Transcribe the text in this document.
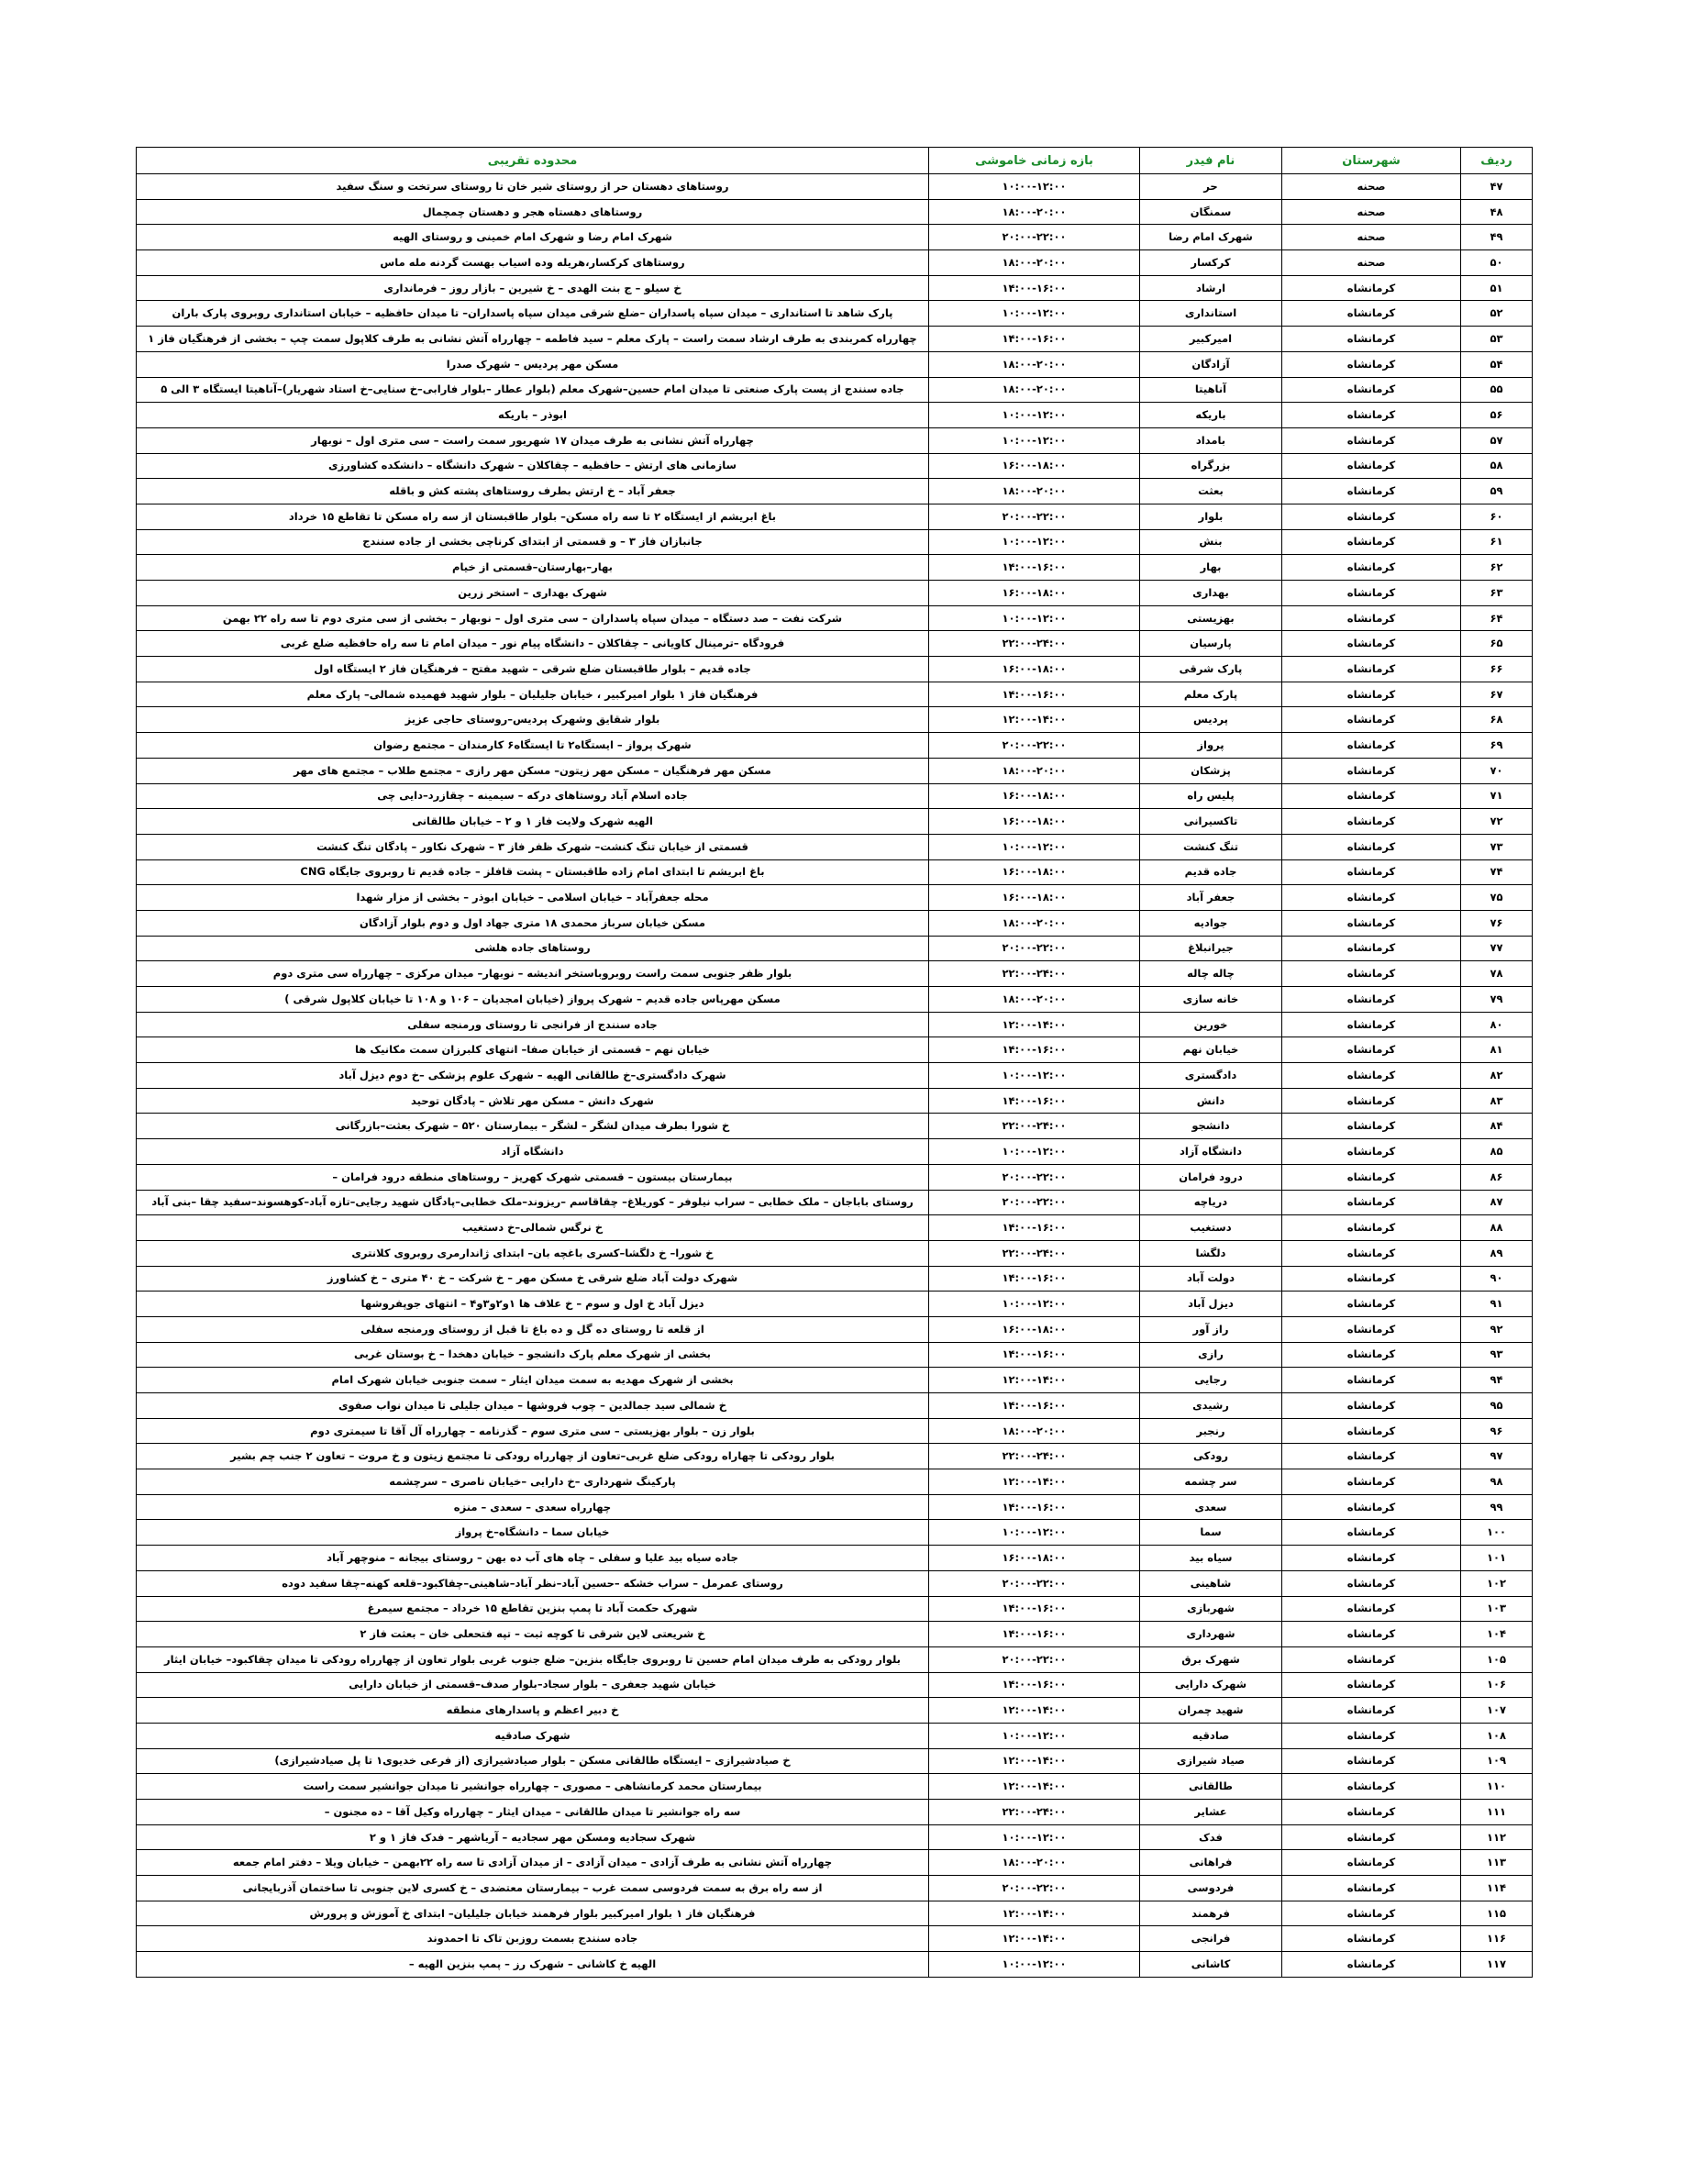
ردیف	شهرستان	نام فیدر	بازه زمانی خاموشی	محدوده تقریبی
۴۷	صحنه	حر	۱۰:۰۰-۱۲:۰۰	روستاهای دهستان حر از روستای شیر خان تا روستای سرتخت و سنگ سفید
۴۸	صحنه	سمنگان	۱۸:۰۰-۲۰:۰۰	روستاهای دهستاه هجر و دهستان چمچمال
۴۹	صحنه	شهرک امام رضا	۲۰:۰۰-۲۲:۰۰	شهرک امام رضا و شهرک امام خمینی و روستای الهیه
۵۰	صحنه	کرکسار	۱۸:۰۰-۲۰:۰۰	روستاهای کرکسار،هریله وده اسیاب بهست گردنه مله ماس
۵۱	کرمانشاه	ارشاد	۱۴:۰۰-۱۶:۰۰	خ سیلو – ج بنت الهدی – خ شیرین – بازار روز – فرمانداری
۵۲	کرمانشاه	استانداری	۱۰:۰۰-۱۲:۰۰	پارک شاهد تا استانداری – میدان سپاه پاسداران –ضلع شرقی میدان سپاه پاسداران– تا میدان حافظیه – خیابان استانداری روبروی پارک باران
۵۳	کرمانشاه	امیرکبیر	۱۴:۰۰-۱۶:۰۰	چهارراه کمربندی به طرف ارشاد سمت راست – پارک معلم – سید فاطمه – چهارراه آتش نشانی به طرف کلاپول سمت چپ – بخشی از فرهنگیان فاز ۱
۵۴	کرمانشاه	آزادگان	۱۸:۰۰-۲۰:۰۰	مسکن مهر پردیس – شهرک صدرا
۵۵	کرمانشاه	آناهیتا	۱۸:۰۰-۲۰:۰۰	جاده سنندج از پست پارک صنعتی تا میدان امام حسین–شهرک معلم (بلوار عطار –بلوار فارابی–خ سنایی–خ استاد شهریار)–آناهیتا ایستگاه ۳ الی ۵
۵۶	کرمانشاه	باریکه	۱۰:۰۰-۱۲:۰۰	ابوذر – باریکه
۵۷	کرمانشاه	بامداد	۱۰:۰۰-۱۲:۰۰	چهارراه آتش نشانی به طرف میدان ۱۷ شهریور سمت راست – سی متری اول – نوبهار
۵۸	کرمانشاه	بزرگراه	۱۶:۰۰-۱۸:۰۰	سازمانی های ارتش – حافظیه – چقاکلان – شهرک دانشگاه – دانشکده کشاورزی
۵۹	کرمانشاه	بعثت	۱۸:۰۰-۲۰:۰۰	جعفر آباد – خ ارتش بطرف روستاهای پشته کش و باقله
۶۰	کرمانشاه	بلوار	۲۰:۰۰-۲۲:۰۰	باغ ابریشم از ایستگاه ۲ تا سه راه مسکن– بلوار طاقبستان از سه راه مسکن تا تقاطع ۱۵ خرداد
۶۱	کرمانشاه	بنش	۱۰:۰۰-۱۲:۰۰	جانبازان فاز ۳ – و قسمتی از ابتدای کرناچی بخشی از جاده سنندج
۶۲	کرمانشاه	بهار	۱۴:۰۰-۱۶:۰۰	بهار–بهارستان–قسمتی از خیام
۶۳	کرمانشاه	بهداری	۱۶:۰۰-۱۸:۰۰	شهرک بهداری – استخر زرین
۶۴	کرمانشاه	بهزیستی	۱۰:۰۰-۱۲:۰۰	شرکت نفت – صد دستگاه – میدان سپاه پاسداران – سی متری اول – نوبهار – بخشی از سی متری دوم تا سه راه ۲۲ بهمن
۶۵	کرمانشاه	پارسیان	۲۲:۰۰-۲۴:۰۰	فرودگاه –ترمینال کاویانی – چقاکلان – دانشگاه پیام نور – میدان امام تا سه راه حافظیه ضلع غربی
۶۶	کرمانشاه	پارک شرقی	۱۶:۰۰-۱۸:۰۰	جاده قدیم – بلوار طاقبستان ضلع شرقی – شهید مفتح – فرهنگیان فاز ۲ ایستگاه اول
۶۷	کرمانشاه	پارک معلم	۱۴:۰۰-۱۶:۰۰	فرهنگیان فاز ۱ بلوار امیرکبیر ، خیابان جلیلیان – بلوار شهید فهمیده شمالی– پارک معلم
۶۸	کرمانشاه	پردیس	۱۲:۰۰-۱۴:۰۰	بلوار شقایق وشهرک پردیس–روستای حاجی عزیز
۶۹	کرمانشاه	پرواز	۲۰:۰۰-۲۲:۰۰	شهرک پرواز – ایستگاه۲ تا ایستگاه۶ کارمندان – مجتمع رضوان
۷۰	کرمانشاه	پزشکان	۱۸:۰۰-۲۰:۰۰	مسکن مهر فرهنگیان – مسکن مهر زیتون– مسکن مهر رازی – مجتمع طلاب – مجتمع های مهر
۷۱	کرمانشاه	پلیس راه	۱۶:۰۰-۱۸:۰۰	جاده اسلام آباد روستاهای درکه – سیمینه – چقازرد–دایی چی
۷۲	کرمانشاه	تاکسیرانی	۱۶:۰۰-۱۸:۰۰	الهیه شهرک ولایت فاز ۱ و ۲ – خیابان طالقانی
۷۳	کرمانشاه	تنگ کنشت	۱۰:۰۰-۱۲:۰۰	قسمتی از خیابان تنگ کنشت– شهرک ظفر فاز ۳ – شهرک نکاور – پادگان تنگ کنشت
۷۴	کرمانشاه	جاده قدیم	۱۶:۰۰-۱۸:۰۰	باغ ابریشم تا ابتدای امام زاده طاقبستان – پشت قافلز – جاده قدیم تا روبروی جایگاه CNG
۷۵	کرمانشاه	جعفر آباد	۱۶:۰۰-۱۸:۰۰	محله جعفرآباد – خیابان اسلامی – خیابان ابوذر – بخشی از مزار شهدا
۷۶	کرمانشاه	جوادیه	۱۸:۰۰-۲۰:۰۰	مسکن خیابان سرباز محمدی ۱۸ متری جهاد اول و دوم بلوار آزادگان
۷۷	کرمانشاه	جیرانبلاغ	۲۰:۰۰-۲۲:۰۰	روستاهای جاده هلشی
۷۸	کرمانشاه	چاله چاله	۲۲:۰۰-۲۴:۰۰	بلوار ظفر جنوبی سمت راست روبروباستخر اندیشه – نوبهار– میدان مرکزی – چهارراه سی متری دوم
۷۹	کرمانشاه	خانه سازی	۱۸:۰۰-۲۰:۰۰	مسکن مهرپاس جاده قدیم – شهرک پرواز (خیابان امجدیان – ۱۰۶ و ۱۰۸ تا خیابان کلاپول شرقی )
۸۰	کرمانشاه	خورین	۱۲:۰۰-۱۴:۰۰	جاده سنندج از فرانجی تا روستای ورمنجه سفلی
۸۱	کرمانشاه	خیابان نهم	۱۴:۰۰-۱۶:۰۰	خیابان نهم – قسمتی از خیابان صفا– انتهای کلبرزان سمت مکانیک ها
۸۲	کرمانشاه	دادگستری	۱۰:۰۰-۱۲:۰۰	شهرک دادگستری–خ طالقانی الهیه – شهرک علوم پزشکی –خ دوم دیزل آباد
۸۳	کرمانشاه	دانش	۱۴:۰۰-۱۶:۰۰	شهرک دانش – مسکن مهر تلاش – پادگان توحید
۸۴	کرمانشاه	دانشجو	۲۲:۰۰-۲۴:۰۰	خ شورا بطرف میدان لشگر – لشگر – بیمارستان ۵۲۰ – شهرک بعثت–بازرگانی
۸۵	کرمانشاه	دانشگاه آزاد	۱۰:۰۰-۱۲:۰۰	دانشگاه آزاد
۸۶	کرمانشاه	درود فرامان	۲۰:۰۰-۲۲:۰۰	بیمارستان بیستون – قسمتی شهرک کهریز – روستاهای منطقه درود فرامان –
۸۷	کرمانشاه	دریاچه	۲۰:۰۰-۲۲:۰۰	روستای باباجان – ملک خطابی – سراب نیلوفر – کوریلاغ– چقاقاسم –ریزوند–ملک خطابی–پادگان شهید رجایی–تازه آباد–کوهسوند–سفید چقا –بنی آباد
۸۸	کرمانشاه	دستغیب	۱۴:۰۰-۱۶:۰۰	خ نرگس شمالی–خ دستغیب
۸۹	کرمانشاه	دلگشا	۲۲:۰۰-۲۴:۰۰	خ شورا– خ دلگشا–کسری باغچه بان– ابتدای ژاندارمری روبروی کلانتری
۹۰	کرمانشاه	دولت آباد	۱۴:۰۰-۱۶:۰۰	شهرک دولت آباد ضلع شرقی خ مسکن مهر – خ شرکت – خ ۴۰ متری – خ کشاورز
۹۱	کرمانشاه	دیزل آباد	۱۰:۰۰-۱۲:۰۰	دیزل آباد خ اول و سوم – خ علاف ها ۱و۲و۳و۴ – انتهای جوپفروشها
۹۲	کرمانشاه	راز آور	۱۶:۰۰-۱۸:۰۰	از قلعه تا روستای ده گل و ده باغ تا قبل از روستای ورمنجه سفلی
۹۳	کرمانشاه	رازی	۱۴:۰۰-۱۶:۰۰	بخشی از شهرک معلم پارک دانشجو – خیابان دهخدا – خ بوستان غربی
۹۴	کرمانشاه	رجایی	۱۲:۰۰-۱۴:۰۰	بخشی از شهرک مهدیه به سمت میدان ایثار – سمت جنوبی خیابان شهرک امام
۹۵	کرمانشاه	رشیدی	۱۴:۰۰-۱۶:۰۰	خ شمالی سید جمالدین – چوب فروشها – میدان جلیلی تا میدان نواب صفوی
۹۶	کرمانشاه	رنجبر	۱۸:۰۰-۲۰:۰۰	بلوار زن – بلوار بهزیستی – سی متری سوم – گذرنامه – چهارراه آل آقا تا سیمتری دوم
۹۷	کرمانشاه	رودکی	۲۲:۰۰-۲۴:۰۰	بلوار رودکی تا چهاراه رودکی ضلع غربی–تعاون از چهارراه رودکی تا مجتمع زیتون و خ مروت – تعاون ۲ جنب چم بشیر
۹۸	کرمانشاه	سر چشمه	۱۲:۰۰-۱۴:۰۰	پارکینگ شهرداری –خ دارایی –خیابان ناصری – سرچشمه
۹۹	کرمانشاه	سعدی	۱۴:۰۰-۱۶:۰۰	چهارراه سعدی – سعدی – منزه
۱۰۰	کرمانشاه	سما	۱۰:۰۰-۱۲:۰۰	خیابان سما – دانشگاه–خ پرواز
۱۰۱	کرمانشاه	سیاه بید	۱۶:۰۰-۱۸:۰۰	جاده سیاه بید علیا و سفلی – چاه های آب ده بهن – روستای بیجانه – منوچهر آباد
۱۰۲	کرمانشاه	شاهینی	۲۰:۰۰-۲۲:۰۰	روستای عمرمل – سراب خشکه –حسین آباد–نظر آباد–شاهینی–چقاکبود–قلعه کهنه–چقا سفید دوده
۱۰۳	کرمانشاه	شهربازی	۱۴:۰۰-۱۶:۰۰	شهرک حکمت آباد تا پمپ بنزین تقاطع ۱۵ خرداد – مجتمع سیمرغ
۱۰۴	کرمانشاه	شهرداری	۱۴:۰۰-۱۶:۰۰	خ شریعتی لاین شرقی تا کوچه ثبت – تپه فتحعلی خان – بعثت فاز ۲
۱۰۵	کرمانشاه	شهرک برق	۲۰:۰۰-۲۲:۰۰	بلوار رودکی به طرف میدان امام حسین تا روبروی جایگاه بنزین– ضلع جنوب غربی بلوار تعاون از چهارراه رودکی تا میدان چقاکبود– خیابان ایثار
۱۰۶	کرمانشاه	شهرک دارایی	۱۴:۰۰-۱۶:۰۰	خیابان شهید جعفری – بلوار سجاد–بلوار صدف–قسمتی از خیابان دارایی
۱۰۷	کرمانشاه	شهید چمران	۱۲:۰۰-۱۴:۰۰	خ دبیر اعظم و پاسدارهای منطقه
۱۰۸	کرمانشاه	صادقیه	۱۰:۰۰-۱۲:۰۰	شهرک صادقیه
۱۰۹	کرمانشاه	صیاد شیرازی	۱۲:۰۰-۱۴:۰۰	خ صیادشیرازی – ایستگاه طالقانی مسکن – بلوار صیادشیرازی (از فرعی خدیوی۱ تا پل صیادشیرازی)
۱۱۰	کرمانشاه	طالقانی	۱۲:۰۰-۱۴:۰۰	بیمارستان محمد کرمانشاهی – مصوری – چهارراه جوانشیر تا میدان جوانشیر سمت راست
۱۱۱	کرمانشاه	عشایر	۲۲:۰۰-۲۴:۰۰	سه راه جوانشیر تا میدان طالقانی – میدان ایثار – چهارراه وکیل آقا – ده مجنون –
۱۱۲	کرمانشاه	فدک	۱۰:۰۰-۱۲:۰۰	شهرک سجادیه ومسکن مهر سجادیه – آریاشهر – فدک فاز ۱ و ۲
۱۱۳	کرمانشاه	فراهانی	۱۸:۰۰-۲۰:۰۰	چهارراه آتش نشانی به طرف آزادی – میدان آزادی – از میدان آزادی تا سه راه ۲۲بهمن – خیابان ویلا – دفتر امام جمعه
۱۱۴	کرمانشاه	فردوسی	۲۰:۰۰-۲۲:۰۰	از سه راه برق به سمت فردوسی سمت غرب – بیمارستان معتضدی – خ کسری لاین جنوبی تا ساختمان آذربایجانی
۱۱۵	کرمانشاه	فرهمند	۱۲:۰۰-۱۴:۰۰	فرهنگیان فاز ۱ بلوار امیرکبیر بلوار فرهمند خیابان جلیلیان– ابتدای خ آموزش و پرورش
۱۱۶	کرمانشاه	فرانجی	۱۲:۰۰-۱۴:۰۰	جاده سنندج بسمت روزبن تاک تا احمدوند
۱۱۷	کرمانشاه	کاشانی	۱۰:۰۰-۱۲:۰۰	الهیه خ کاشانی – شهرک رز – پمپ بنزین الهیه –
